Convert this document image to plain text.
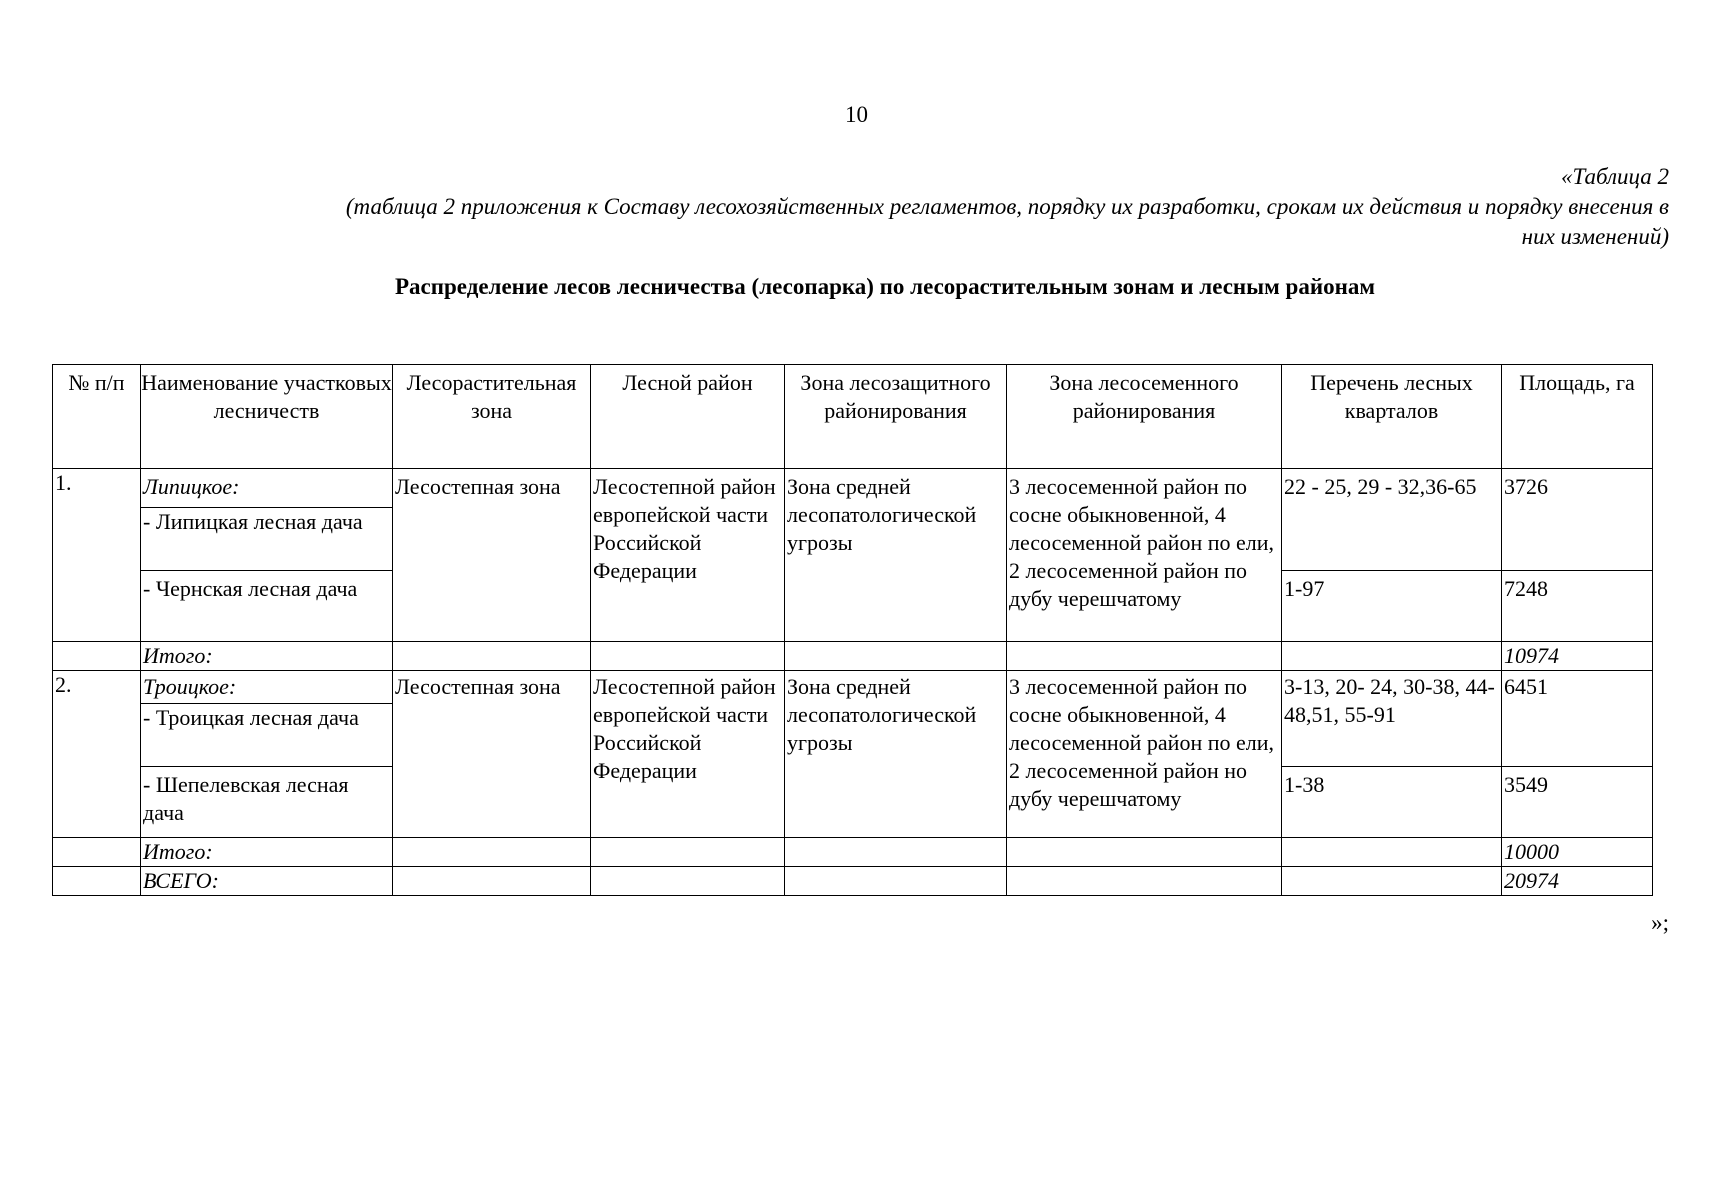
10
«Таблица 2
(таблица 2 приложения к Составу лесохозяйственных регламентов, порядку их разработки, срокам их действия и порядку внесения в них изменений)
Распределение лесов лесничества (лесопарка) по лесорастительным зонам и лесным районам
№ п/п	Наименование участковых лесничеств	Лесорастительная зона	Лесной район	Зона лесозащитного районирования	Зона лесосеменного районирования	Перечень лесных кварталов	Площадь, га
1.	Липицкое:	Лесостепная зона	Лесостепной район европейской части Российской Федерации	Зона средней лесопатологической угрозы	3 лесосеменной район по сосне обыкновенной, 4 лесосеменной район по ели, 2 лесосеменной район по дубу черешчатому	22 - 25, 29 - 32,36-65	3726
	- Липицкая лесная дача						
	- Чернская лесная дача					1-97	7248
	Итого:						10974
2.	Троицкое:	Лесостепная зона	Лесостепной район европейской части Российской Федерации	Зона средней лесопатологической угрозы	3 лесосеменной район по сосне обыкновенной, 4 лесосеменной район по ели, 2 лесосеменной район но дубу черешчатому	3-13, 20- 24, 30-38, 44-48,51, 55-91	6451
	- Троицкая лесная дача						
	- Шепелевская лесная дача					1-38	3549
	Итого:						10000
	ВСЕГО:						20974
»;
